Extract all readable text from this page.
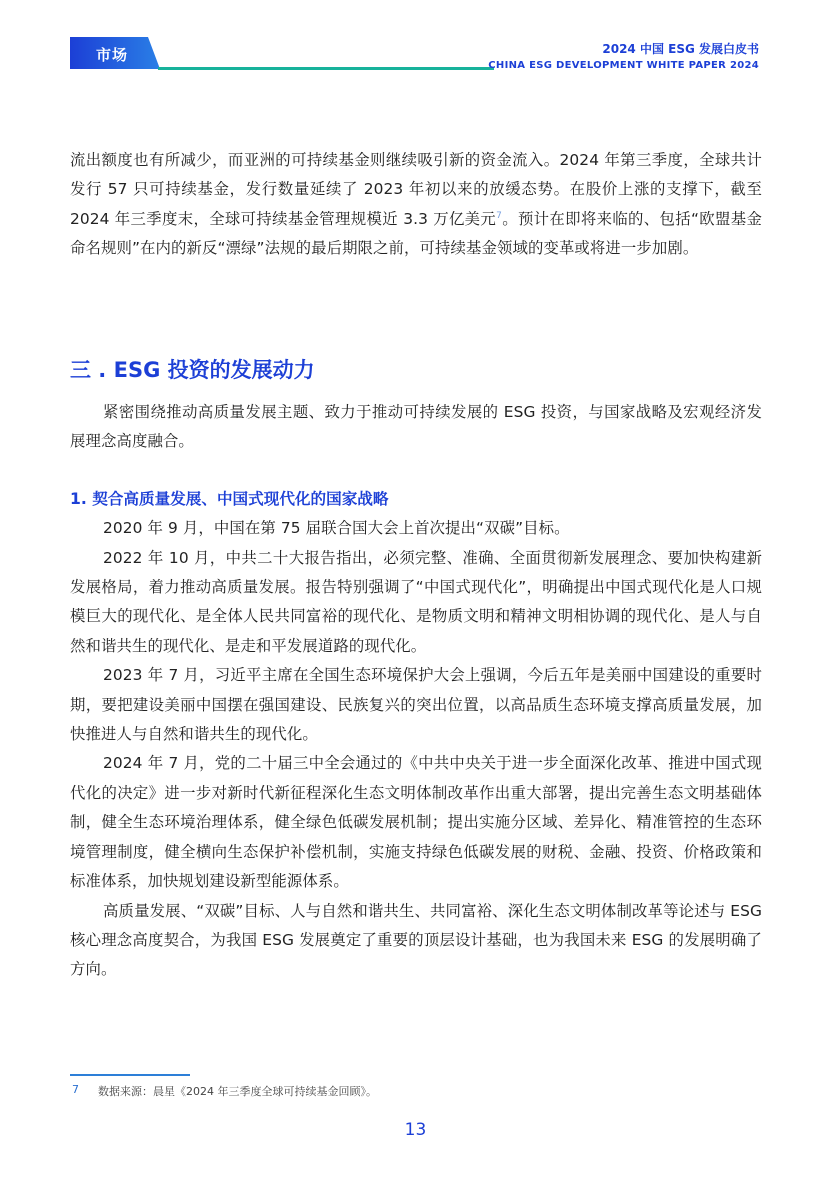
市场	2024 中国 ESG 发展白皮书
CHINA ESG DEVELOPMENT WHITE PAPER 2024

流出额度也有所减少，而亚洲的可持续基金则继续吸引新的资金流入。2024 年第三季度，全球共计发行 57 只可持续基金，发行数量延续了 2023 年初以来的放缓态势。在股价上涨的支撑下，截至 2024 年三季度末，全球可持续基金管理规模近 3.3 万亿美元$^7$。预计在即将来临的、包括“欧盟基金命名规则”在内的新反“漂绿”法规的最后期限之前，可持续基金领域的变革或将进一步加剧。

三 . ESG 投资的发展动力

紧密围绕推动高质量发展主题、致力于推动可持续发展的 ESG 投资，与国家战略及宏观经济发展理念高度融合。

1. 契合高质量发展、中国式现代化的国家战略

2020 年 9 月，中国在第 75 届联合国大会上首次提出“双碳”目标。

2022 年 10 月，中共二十大报告指出，必须完整、准确、全面贯彻新发展理念、要加快构建新发展格局，着力推动高质量发展。报告特别强调了“中国式现代化”，明确提出中国式现代化是人口规模巨大的现代化、是全体人民共同富裕的现代化、是物质文明和精神文明相协调的现代化、是人与自然和谐共生的现代化、是走和平发展道路的现代化。

2023 年 7 月，习近平主席在全国生态环境保护大会上强调，今后五年是美丽中国建设的重要时期，要把建设美丽中国摆在强国建设、民族复兴的突出位置，以高品质生态环境支撑高质量发展，加快推进人与自然和谐共生的现代化。

2024 年 7 月，党的二十届三中全会通过的《中共中央关于进一步全面深化改革、推进中国式现代化的决定》进一步对新时代新征程深化生态文明体制改革作出重大部署，提出完善生态文明基础体制，健全生态环境治理体系，健全绿色低碳发展机制；提出实施分区域、差异化、精准管控的生态环境管理制度，健全横向生态保护补偿机制，实施支持绿色低碳发展的财税、金融、投资、价格政策和标准体系，加快规划建设新型能源体系。

高质量发展、“双碳”目标、人与自然和谐共生、共同富裕、深化生态文明体制改革等论述与 ESG 核心理念高度契合，为我国 ESG 发展奠定了重要的顶层设计基础，也为我国未来 ESG 的发展明确了方向。

7 数据来源：晨星《2024 年三季度全球可持续基金回顾》。
13
